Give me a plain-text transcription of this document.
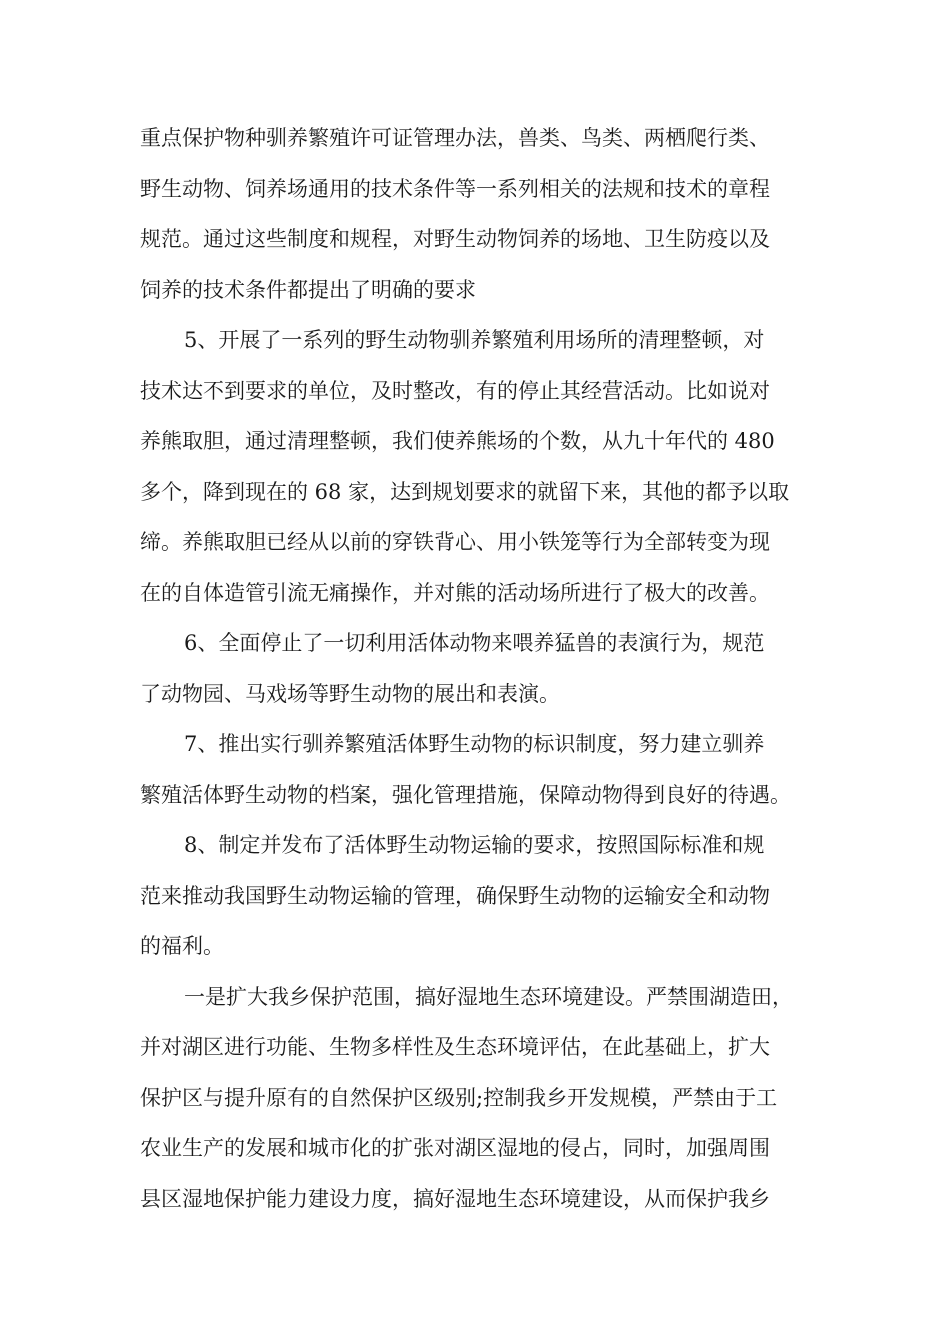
重点保护物种驯养繁殖许可证管理办法，兽类、鸟类、两栖爬行类、
野生动物、饲养场通用的技术条件等一系列相关的法规和技术的章程
规范。通过这些制度和规程，对野生动物饲养的场地、卫生防疫以及
饲养的技术条件都提出了明确的要求
5、开展了一系列的野生动物驯养繁殖利用场所的清理整顿，对
技术达不到要求的单位，及时整改，有的停止其经营活动。比如说对
养熊取胆，通过清理整顿，我们使养熊场的个数，从九十年代的 480
多个，降到现在的 68 家，达到规划要求的就留下来，其他的都予以取
缔。养熊取胆已经从以前的穿铁背心、用小铁笼等行为全部转变为现
在的自体造管引流无痛操作，并对熊的活动场所进行了极大的改善。
6、全面停止了一切利用活体动物来喂养猛兽的表演行为，规范
了动物园、马戏场等野生动物的展出和表演。
7、推出实行驯养繁殖活体野生动物的标识制度，努力建立驯养
繁殖活体野生动物的档案，强化管理措施，保障动物得到良好的待遇。
8、制定并发布了活体野生动物运输的要求，按照国际标准和规
范来推动我国野生动物运输的管理，确保野生动物的运输安全和动物
的福利。
一是扩大我乡保护范围，搞好湿地生态环境建设。严禁围湖造田，
并对湖区进行功能、生物多样性及生态环境评估，在此基础上，扩大
保护区与提升原有的自然保护区级别;控制我乡开发规模，严禁由于工
农业生产的发展和城市化的扩张对湖区湿地的侵占，同时，加强周围
县区湿地保护能力建设力度，搞好湿地生态环境建设，从而保护我乡
